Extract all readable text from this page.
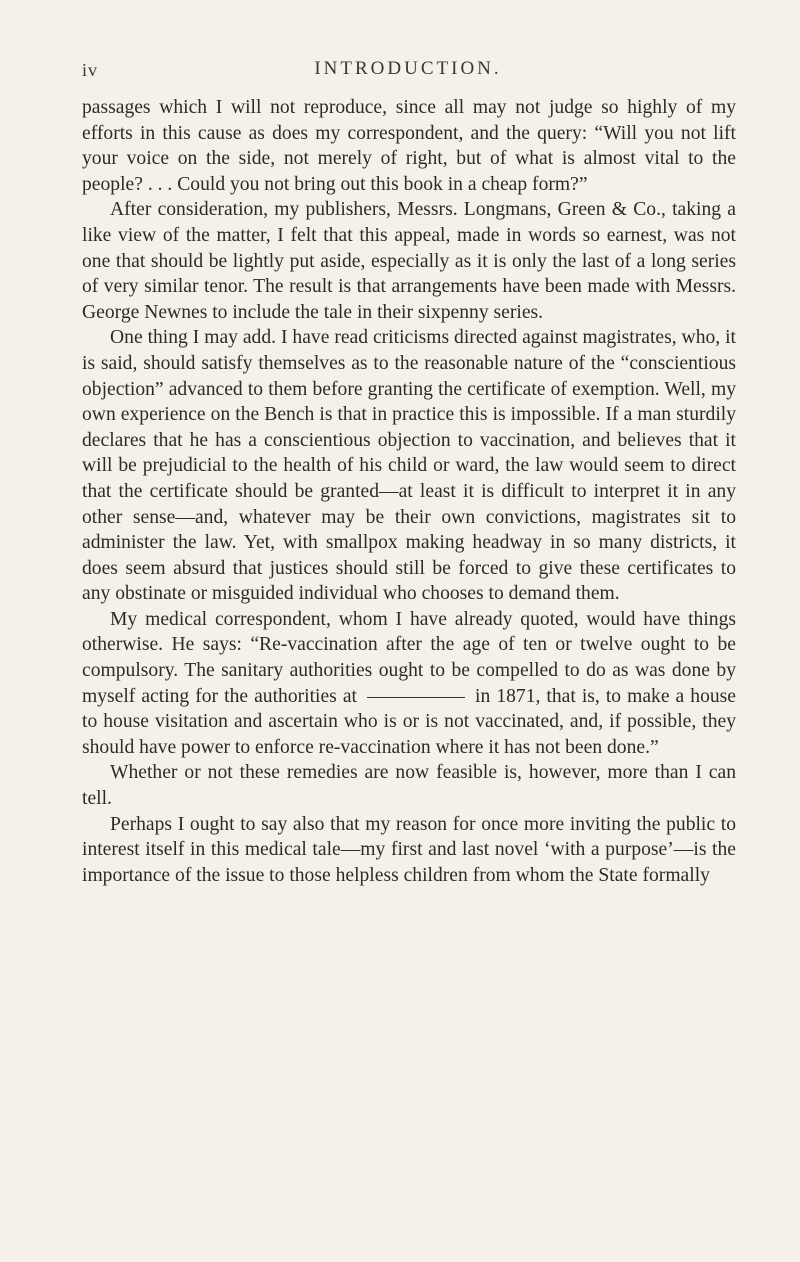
iv	INTRODUCTION.

passages which I will not reproduce, since all may not judge so highly of my efforts in this cause as does my correspondent, and the query: “Will you not lift your voice on the side, not merely of right, but of what is almost vital to the people? . . . Could you not bring out this book in a cheap form?”

After consideration, my publishers, Messrs. Longmans, Green & Co., taking a like view of the matter, I felt that this appeal, made in words so earnest, was not one that should be lightly put aside, especially as it is only the last of a long series of very similar tenor. The result is that arrangements have been made with Messrs. George Newnes to include the tale in their sixpenny series.

One thing I may add. I have read criticisms directed against magistrates, who, it is said, should satisfy themselves as to the reasonable nature of the “conscientious objection” advanced to them before granting the certificate of exemption. Well, my own experience on the Bench is that in practice this is impossible. If a man sturdily declares that he has a conscientious objection to vaccination, and believes that it will be prejudicial to the health of his child or ward, the law would seem to direct that the certificate should be granted—at least it is difficult to interpret it in any other sense—and, whatever may be their own convictions, magistrates sit to administer the law. Yet, with smallpox making headway in so many districts, it does seem absurd that justices should still be forced to give these certificates to any obstinate or misguided individual who chooses to demand them.

My medical correspondent, whom I have already quoted, would have things otherwise. He says: “Re-vaccination after the age of ten or twelve ought to be compulsory. The sanitary authorities ought to be compelled to do as was done by myself acting for the authorities at	in 1871, that is, to make a house to house visitation and ascertain who is or is not vaccinated, and, if possible, they should have power to enforce re-vaccination where it has not been done.”

Whether or not these remedies are now feasible is, however, more than I can tell.

Perhaps I ought to say also that my reason for once more inviting the public to interest itself in this medical tale—my first and last novel ‘with a purpose’—is the importance of the issue to those helpless children from whom the State formally
